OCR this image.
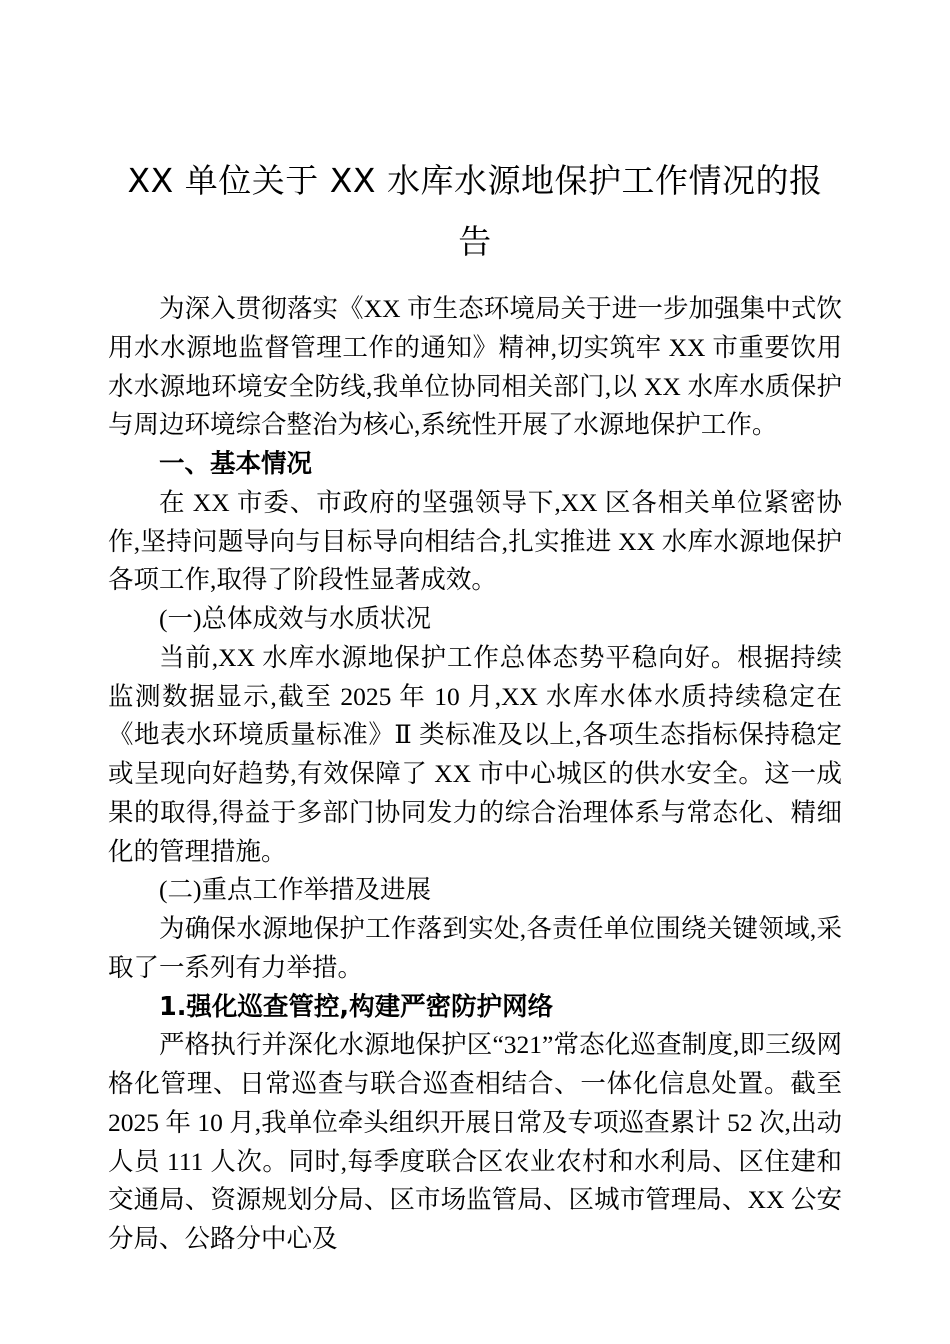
XX 单位关于 XX 水库水源地保护工作情况的报告

为深入贯彻落实《XX 市生态环境局关于进一步加强集中式饮用水水源地监督管理工作的通知》精神,切实筑牢 XX 市重要饮用水水源地环境安全防线,我单位协同相关部门,以 XX 水库水质保护与周边环境综合整治为核心,系统性开展了水源地保护工作。

一、基本情况

在 XX 市委、市政府的坚强领导下,XX 区各相关单位紧密协作,坚持问题导向与目标导向相结合,扎实推进 XX 水库水源地保护各项工作,取得了阶段性显著成效。

(一)总体成效与水质状况

当前,XX 水库水源地保护工作总体态势平稳向好。根据持续监测数据显示,截至 2025 年 10 月,XX 水库水体水质持续稳定在《地表水环境质量标准》Ⅱ 类标准及以上,各项生态指标保持稳定或呈现向好趋势,有效保障了 XX 市中心城区的供水安全。这一成果的取得,得益于多部门协同发力的综合治理体系与常态化、精细化的管理措施。

(二)重点工作举措及进展

为确保水源地保护工作落到实处,各责任单位围绕关键领域,采取了一系列有力举措。

1.强化巡查管控,构建严密防护网络

严格执行并深化水源地保护区“321”常态化巡查制度,即三级网格化管理、日常巡查与联合巡查相结合、一体化信息处置。截至 2025 年 10 月,我单位牵头组织开展日常及专项巡查累计 52 次,出动人员 111 人次。同时,每季度联合区农业农村和水利局、区住建和交通局、资源规划分局、区市场监管局、区城市管理局、XX 公安分局、公路分中心及
